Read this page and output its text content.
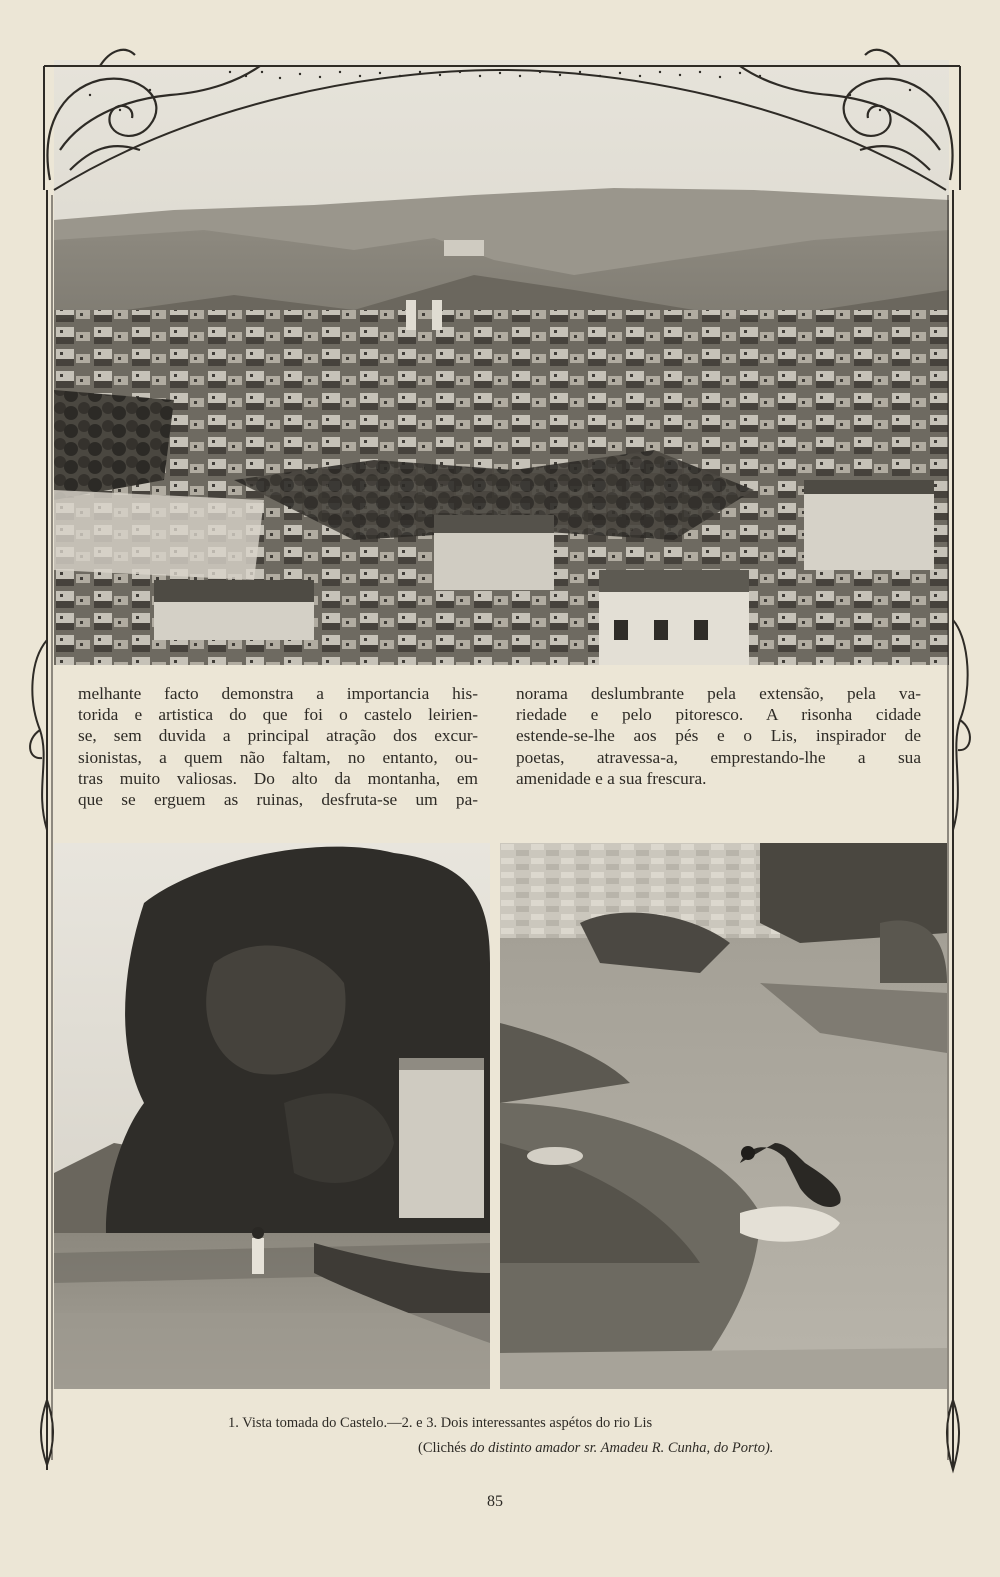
melhante facto demonstra a importancia his-
torida e artistica do que foi o castelo leirien-
se, sem duvida a principal atração dos excur-
sionistas, a quem não faltam, no entanto, ou-
tras muito valiosas. Do alto da montanha, em
que se erguem as ruinas, desfruta-se um pa-
norama deslumbrante pela extensão, pela va-
riedade e pelo pitoresco. A risonha cidade
estende-se-lhe aos pés e o Lis, inspirador de
poetas, atravessa-a, emprestando-lhe a sua
amenidade e a sua frescura.
1. Vista tomada do Castelo.—2. e 3. Dois interessantes aspétos do rio Lis
(Clichés do distinto amador sr. Amadeu R. Cunha, do Porto).
85
